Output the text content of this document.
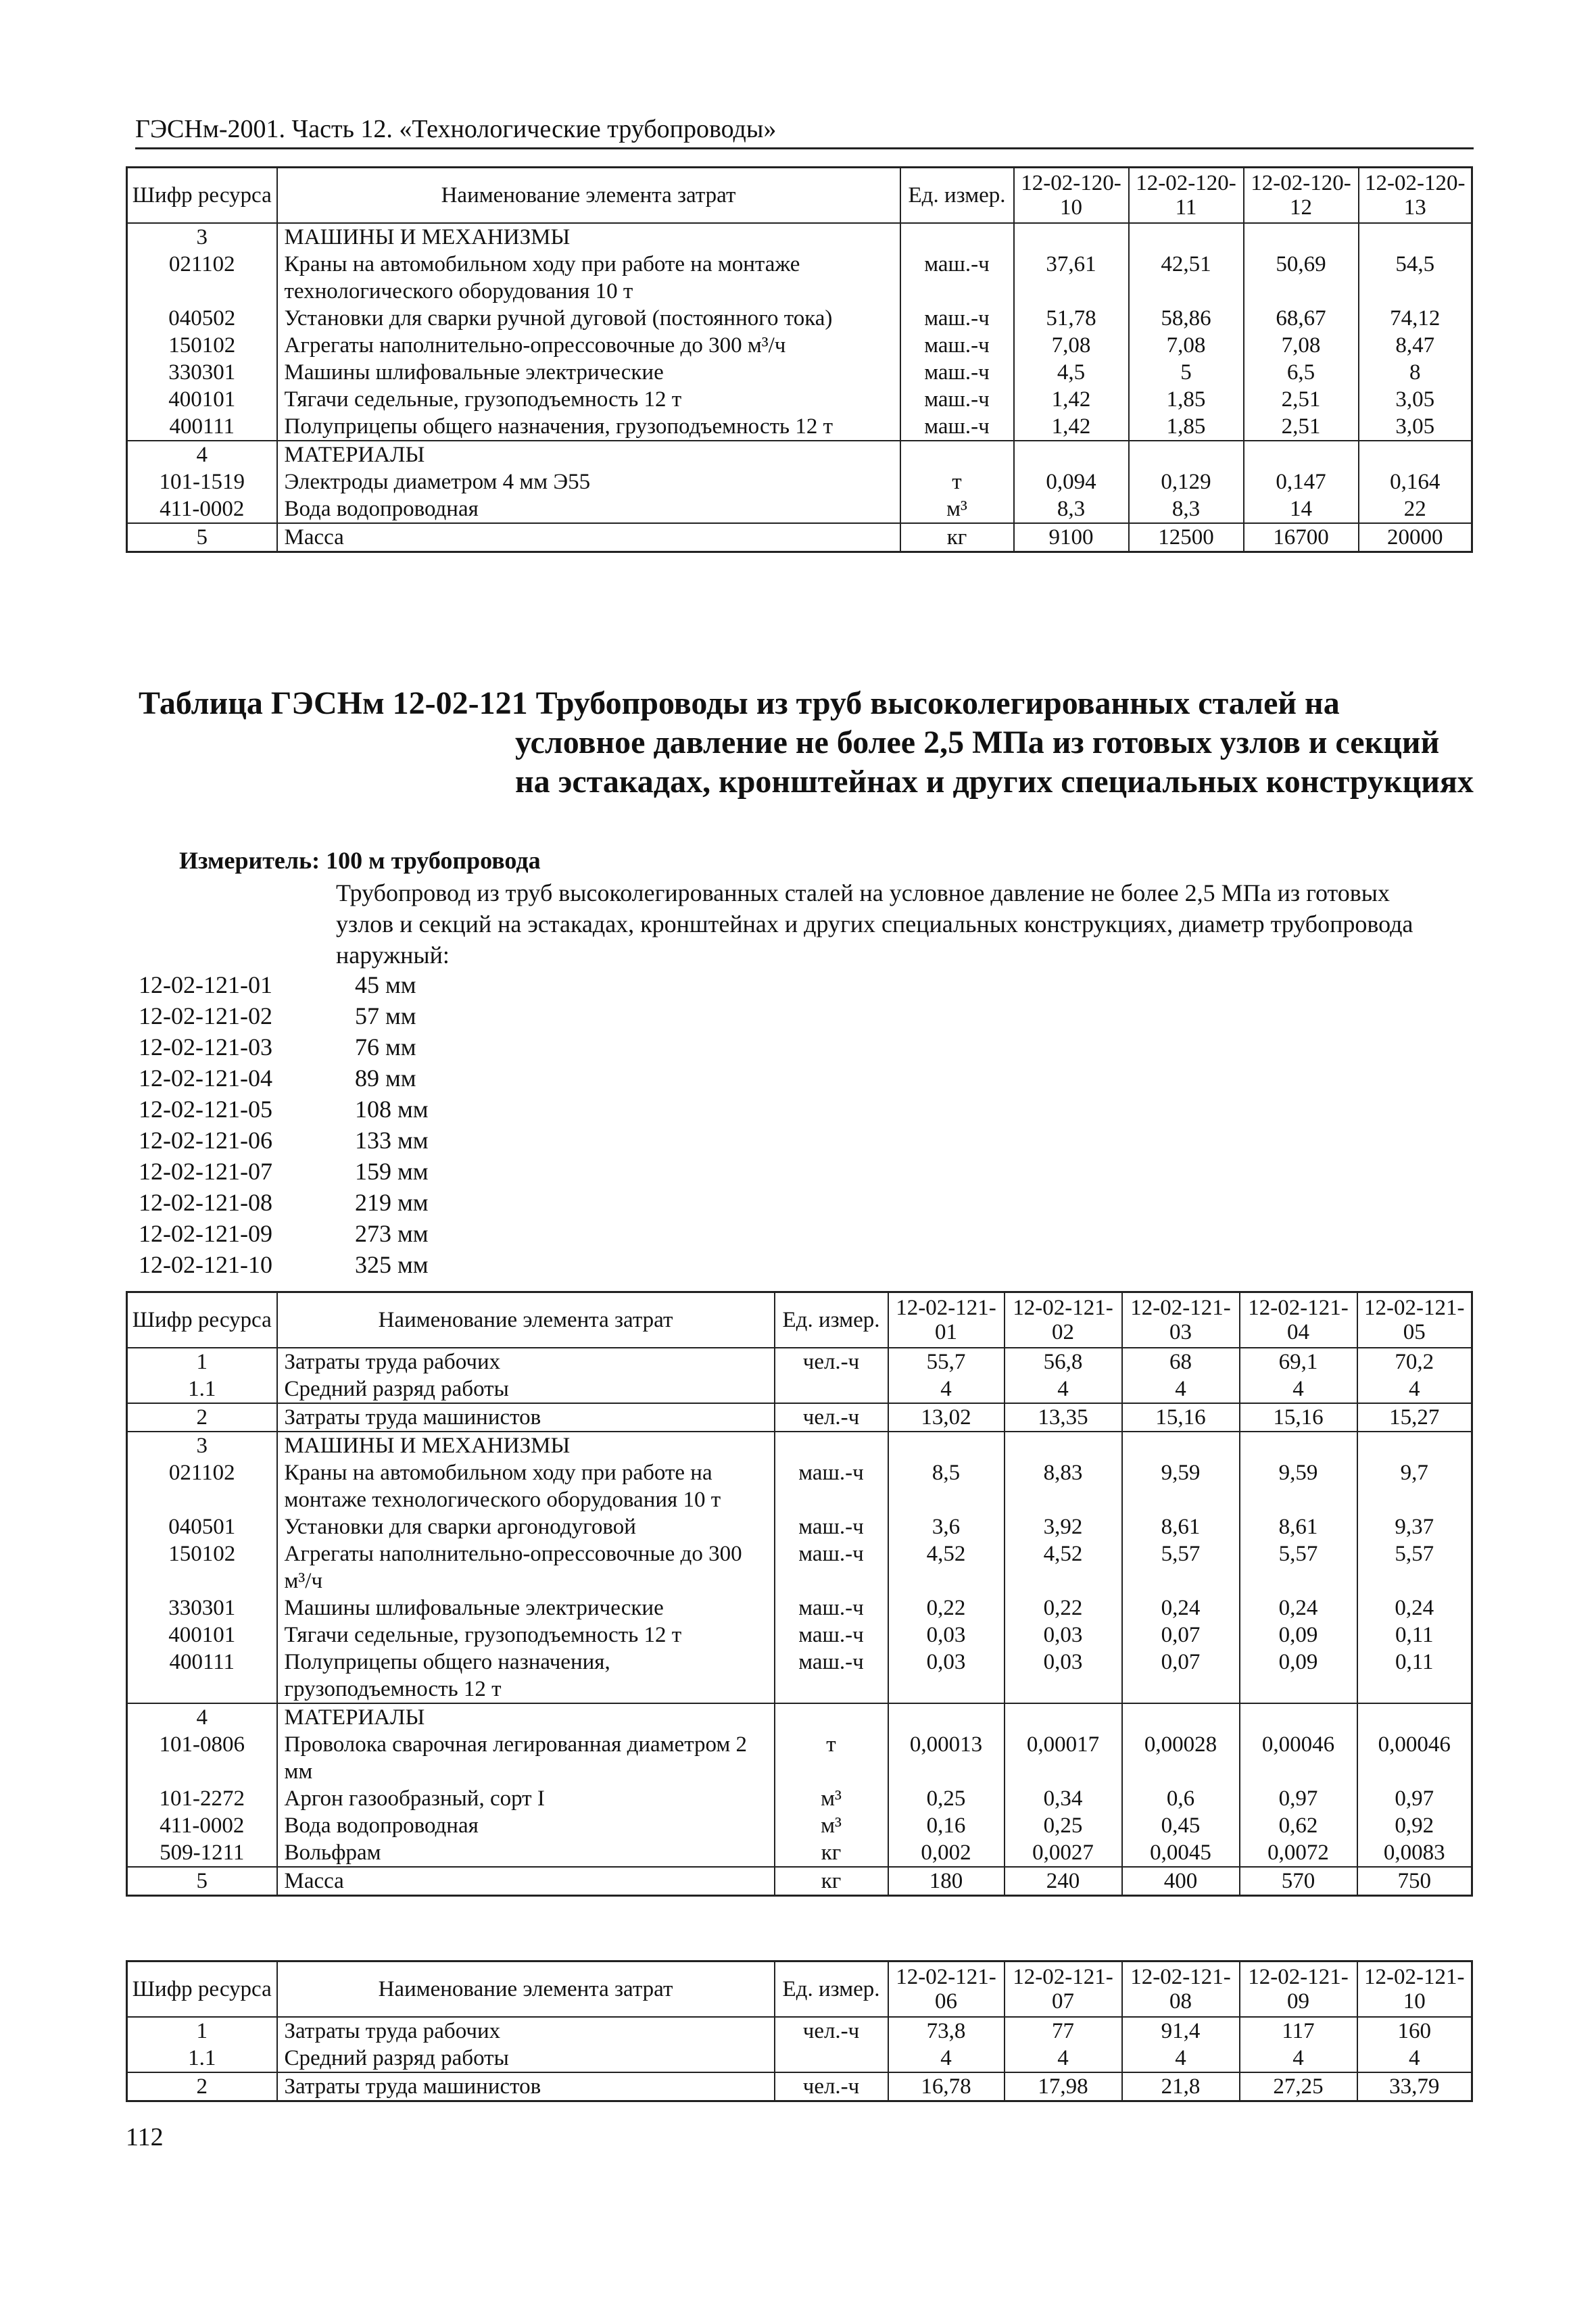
ГЭСНм-2001. Часть 12. «Технологические трубопроводы»
Шифр ресурса	Наименование элемента затрат	Ед. измер.	12-02-120-10	12-02-120-11	12-02-120-12	12-02-120-13
3	МАШИНЫ И МЕХАНИЗМЫ					
021102	Краны на автомобильном ходу при работе на монтаже технологического оборудования 10 т	маш.-ч	37,61	42,51	50,69	54,5
040502	Установки для сварки ручной дуговой (постоянного тока)	маш.-ч	51,78	58,86	68,67	74,12
150102	Агрегаты наполнительно-опрессовочные до 300 м³/ч	маш.-ч	7,08	7,08	7,08	8,47
330301	Машины шлифовальные электрические	маш.-ч	4,5	5	6,5	8
400101	Тягачи седельные, грузоподъемность 12 т	маш.-ч	1,42	1,85	2,51	3,05
400111	Полуприцепы общего назначения, грузоподъемность 12 т	маш.-ч	1,42	1,85	2,51	3,05
4	МАТЕРИАЛЫ					
101-1519	Электроды диаметром 4 мм Э55	т	0,094	0,129	0,147	0,164
411-0002	Вода водопроводная	м³	8,3	8,3	14	22
5	Масса	кг	9100	12500	16700	20000
Таблица ГЭСНм 12-02-121 Трубопроводы из труб высоколегированных сталей на
условное давление не более 2,5 МПа из готовых узлов и секций на эстакадах, кронштейнах и других специальных конструкциях
Измеритель: 100 м трубопровода
Трубопровод из труб высоколегированных сталей на условное давление не более 2,5 МПа из готовых узлов и секций на эстакадах, кронштейнах и других специальных конструкциях, диаметр трубопровода наружный:
12-02-121-01	45 мм
12-02-121-02	57 мм
12-02-121-03	76 мм
12-02-121-04	89 мм
12-02-121-05	108 мм
12-02-121-06	133 мм
12-02-121-07	159 мм
12-02-121-08	219 мм
12-02-121-09	273 мм
12-02-121-10	325 мм
Шифр ресурса	Наименование элемента затрат	Ед. измер.	12-02-121-01	12-02-121-02	12-02-121-03	12-02-121-04	12-02-121-05
1	Затраты труда рабочих	чел.-ч	55,7	56,8	68	69,1	70,2
1.1	Средний разряд работы		4	4	4	4	4
2	Затраты труда машинистов	чел.-ч	13,02	13,35	15,16	15,16	15,27
3	МАШИНЫ И МЕХАНИЗМЫ						
021102	Краны на автомобильном ходу при работе на монтаже технологического оборудования 10 т	маш.-ч	8,5	8,83	9,59	9,59	9,7
040501	Установки для сварки аргонодуговой	маш.-ч	3,6	3,92	8,61	8,61	9,37
150102	Агрегаты наполнительно-опрессовочные до 300 м³/ч	маш.-ч	4,52	4,52	5,57	5,57	5,57
330301	Машины шлифовальные электрические	маш.-ч	0,22	0,22	0,24	0,24	0,24
400101	Тягачи седельные, грузоподъемность 12 т	маш.-ч	0,03	0,03	0,07	0,09	0,11
400111	Полуприцепы общего назначения, грузоподъемность 12 т	маш.-ч	0,03	0,03	0,07	0,09	0,11
4	МАТЕРИАЛЫ						
101-0806	Проволока сварочная легированная диаметром 2 мм	т	0,00013	0,00017	0,00028	0,00046	0,00046
101-2272	Аргон газообразный, сорт I	м³	0,25	0,34	0,6	0,97	0,97
411-0002	Вода водопроводная	м³	0,16	0,25	0,45	0,62	0,92
509-1211	Вольфрам	кг	0,002	0,0027	0,0045	0,0072	0,0083
5	Масса	кг	180	240	400	570	750
Шифр ресурса	Наименование элемента затрат	Ед. измер.	12-02-121-06	12-02-121-07	12-02-121-08	12-02-121-09	12-02-121-10
1	Затраты труда рабочих	чел.-ч	73,8	77	91,4	117	160
1.1	Средний разряд работы		4	4	4	4	4
2	Затраты труда машинистов	чел.-ч	16,78	17,98	21,8	27,25	33,79
112
